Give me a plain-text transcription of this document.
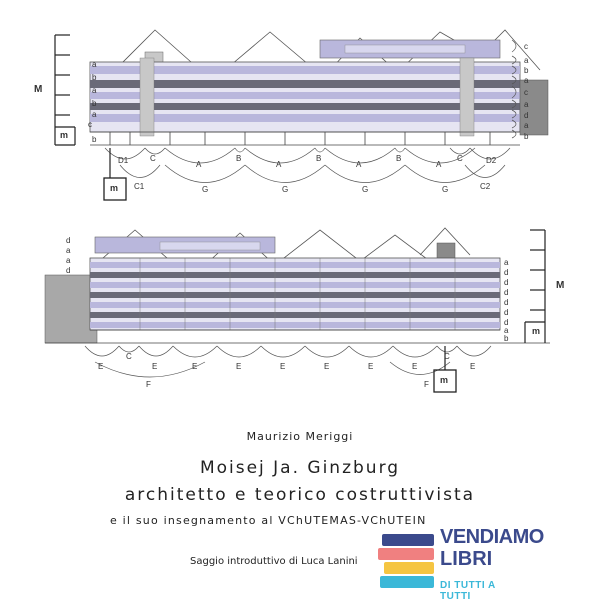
M
m
m
a
b
a
b
a
c
b
c
a
b
a
c
a
d
a
b
D1	C
A
B
A
B
A
B
A
C	D2
C1	G	G	G	G	C2
M
m
m
d
a
a
d
a
d
d
d
d
d
d
a
b
E
C
E	E	E	E	E	E	E
C
E
F	F
Maurizio Meriggi
Moisej Ja. Ginzburg
architetto e teorico costruttivista
e il suo insegnamento al VChUTEMAS-VChUTEIN
Saggio introduttivo di Luca Lanini
VENDIAMO
LIBRI
DI TUTTI A TUTTI
